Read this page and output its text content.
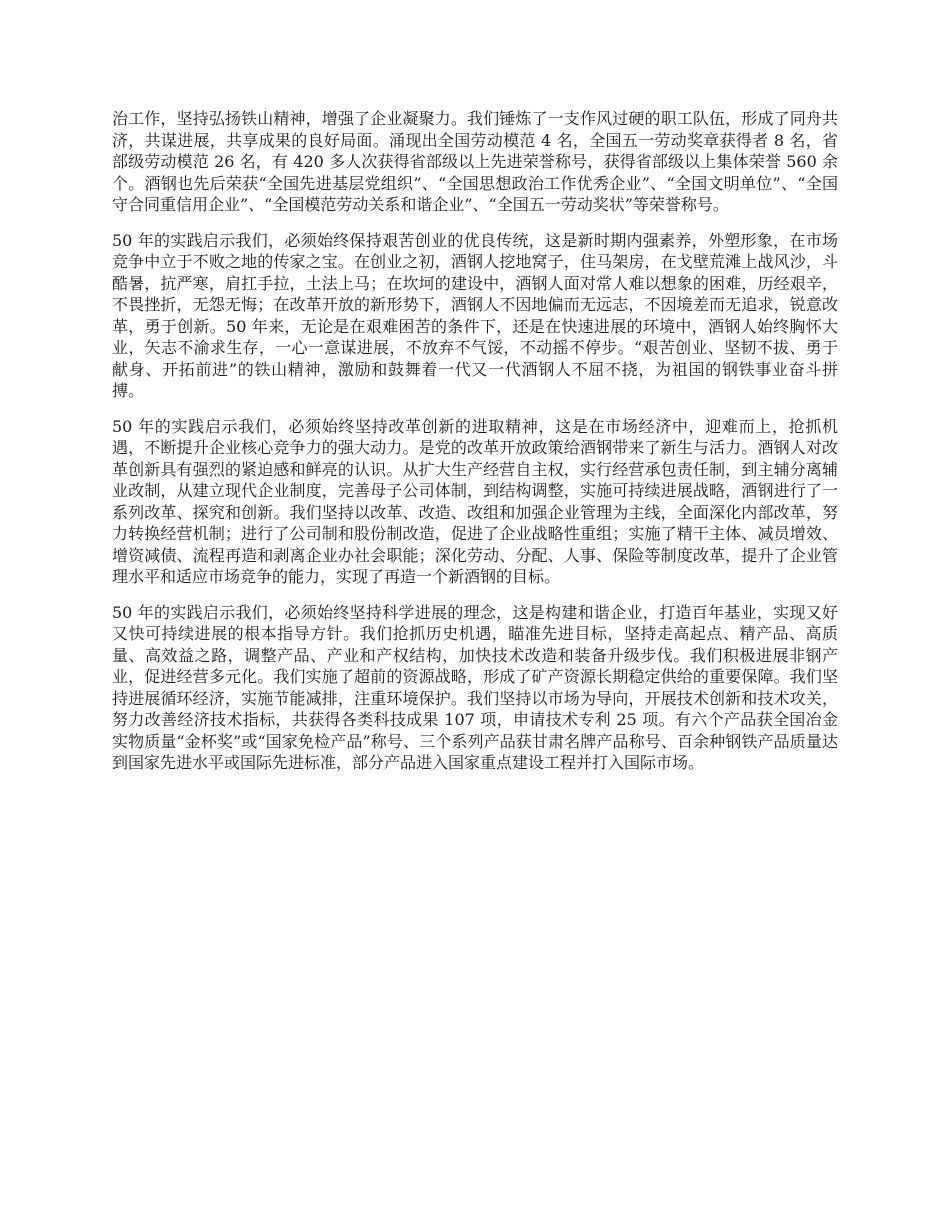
治工作，坚持弘扬铁山精神，增强了企业凝聚力。我们锤炼了一支作风过硬的职工队伍，形成了同舟共济，共谋进展，共享成果的良好局面。涌现出全国劳动模范 4 名，全国五一劳动奖章获得者 8 名，省部级劳动模范 26 名，有 420 多人次获得省部级以上先进荣誉称号，获得省部级以上集体荣誉 560 余个。酒钢也先后荣获“全国先进基层党组织”、“全国思想政治工作优秀企业”、“全国文明单位”、“全国守合同重信用企业”、“全国模范劳动关系和谐企业”、“全国五一劳动奖状”等荣誉称号。

50 年的实践启示我们，必须始终保持艰苦创业的优良传统，这是新时期内强素养，外塑形象，在市场竞争中立于不败之地的传家之宝。在创业之初，酒钢人挖地窝子，住马架房，在戈壁荒滩上战风沙，斗酷暑，抗严寒，肩扛手拉，土法上马；在坎坷的建设中，酒钢人面对常人难以想象的困难，历经艰辛，不畏挫折，无怨无悔；在改革开放的新形势下，酒钢人不因地偏而无远志，不因境差而无追求，锐意改革，勇于创新。50 年来，无论是在艰难困苦的条件下，还是在快速进展的环境中，酒钢人始终胸怀大业，矢志不渝求生存，一心一意谋进展，不放弃不气馁，不动摇不停步。“艰苦创业、坚韧不拔、勇于献身、开拓前进”的铁山精神，激励和鼓舞着一代又一代酒钢人不屈不挠，为祖国的钢铁事业奋斗拼搏。

50 年的实践启示我们，必须始终坚持改革创新的进取精神，这是在市场经济中，迎难而上，抢抓机遇，不断提升企业核心竞争力的强大动力。是党的改革开放政策给酒钢带来了新生与活力。酒钢人对改革创新具有强烈的紧迫感和鲜亮的认识。从扩大生产经营自主权，实行经营承包责任制，到主辅分离辅业改制，从建立现代企业制度，完善母子公司体制，到结构调整，实施可持续进展战略，酒钢进行了一系列改革、探究和创新。我们坚持以改革、改造、改组和加强企业管理为主线，全面深化内部改革，努力转换经营机制；进行了公司制和股份制改造，促进了企业战略性重组；实施了精干主体、减员增效、增资减债、流程再造和剥离企业办社会职能；深化劳动、分配、人事、保险等制度改革，提升了企业管理水平和适应市场竞争的能力，实现了再造一个新酒钢的目标。

50 年的实践启示我们，必须始终坚持科学进展的理念，这是构建和谐企业，打造百年基业，实现又好又快可持续进展的根本指导方针。我们抢抓历史机遇，瞄准先进目标，坚持走高起点、精产品、高质量、高效益之路，调整产品、产业和产权结构，加快技术改造和装备升级步伐。我们积极进展非钢产业，促进经营多元化。我们实施了超前的资源战略，形成了矿产资源长期稳定供给的重要保障。我们坚持进展循环经济，实施节能减排，注重环境保护。我们坚持以市场为导向，开展技术创新和技术攻关，努力改善经济技术指标，共获得各类科技成果 107 项，申请技术专利 25 项。有六个产品获全国冶金实物质量“金杯奖”或“国家免检产品”称号、三个系列产品获甘肃名牌产品称号、百余种钢铁产品质量达到国家先进水平或国际先进标准，部分产品进入国家重点建设工程并打入国际市场。
